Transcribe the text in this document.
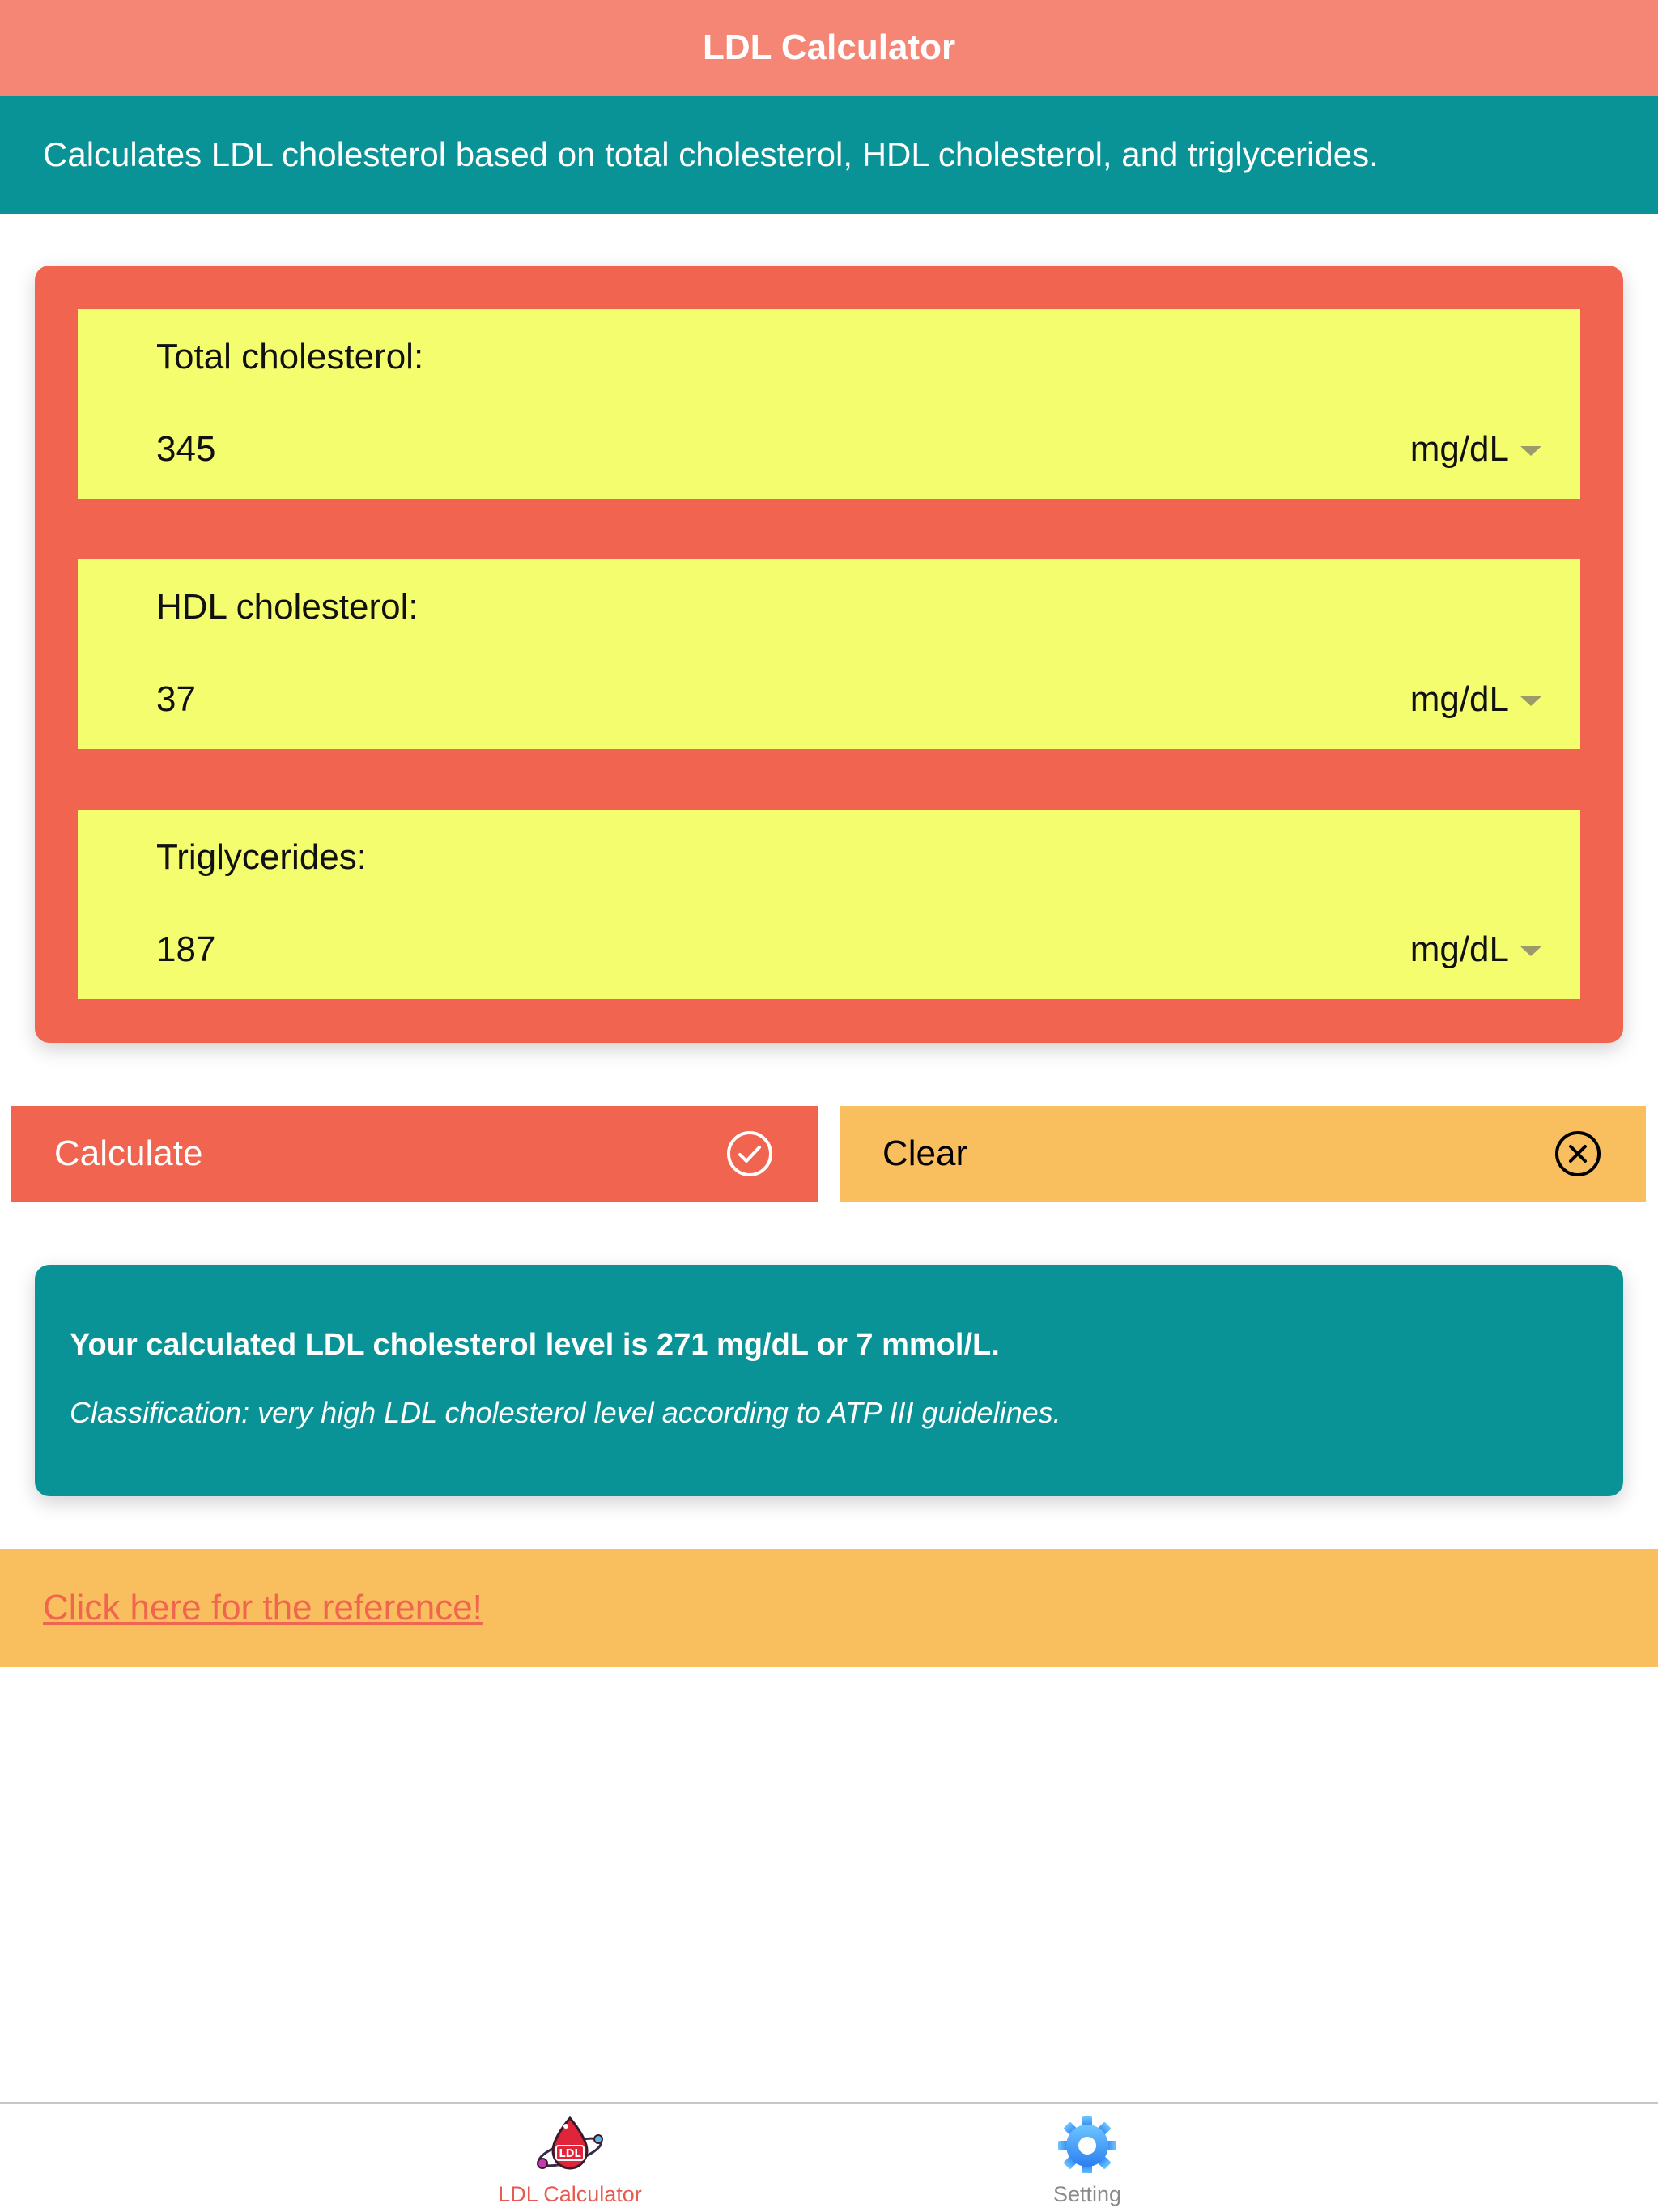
LDL Calculator
Calculates LDL cholesterol based on total cholesterol, HDL cholesterol, and triglycerides.
Total cholesterol:
345	mg/dL
HDL cholesterol:
37	mg/dL
Triglycerides:
187	mg/dL
Calculate	Clear
Your calculated LDL cholesterol level is 271 mg/dL or 7 mmol/L.
Classification: very high LDL cholesterol level according to ATP III guidelines.
Click here for the reference!
LDL
LDL Calculator	Setting
